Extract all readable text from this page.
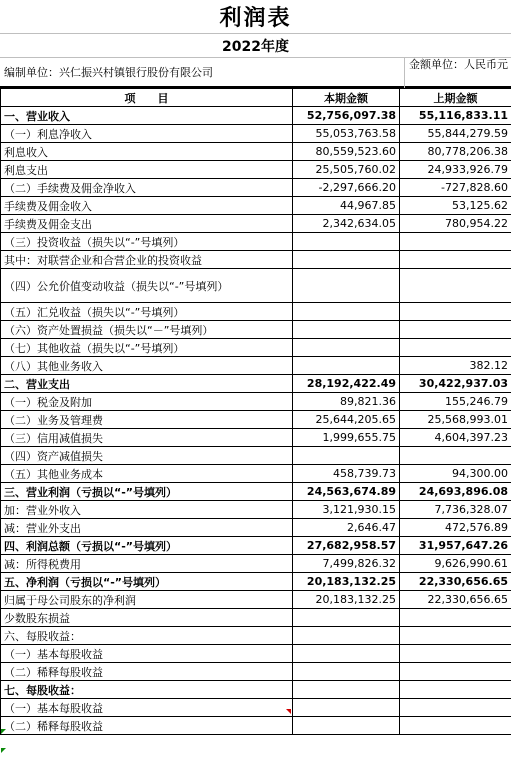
利润表
2022年度
编制单位：兴仁振兴村镇银行股份有限公司
金额单位：人民币元
项　　目	本期金额	上期金额
一、营业收入	52,756,097.38	55,116,833.11
（一）利息净收入	55,053,763.58	55,844,279.59
利息收入	80,559,523.60	80,778,206.38
利息支出	25,505,760.02	24,933,926.79
（二）手续费及佣金净收入	-2,297,666.20	-727,828.60
手续费及佣金收入	44,967.85	53,125.62
手续费及佣金支出	2,342,634.05	780,954.22
（三）投资收益（损失以“-”号填列）		
其中：对联营企业和合营企业的投资收益		
（四）公允价值变动收益（损失以“-”号填列）		
（五）汇兑收益（损失以“-”号填列）		
（六）资产处置损益（损失以“－”号填列）		
（七）其他收益（损失以“-”号填列）		
（八）其他业务收入		382.12
二、营业支出	28,192,422.49	30,422,937.03
（一）税金及附加	89,821.36	155,246.79
（二）业务及管理费	25,644,205.65	25,568,993.01
（三）信用减值损失	1,999,655.75	4,604,397.23
（四）资产减值损失		
（五）其他业务成本	458,739.73	94,300.00
三、营业利润（亏损以“-”号填列）	24,563,674.89	24,693,896.08
加：营业外收入	3,121,930.15	7,736,328.07
减：营业外支出	2,646.47	472,576.89
四、利润总额（亏损以“-”号填列）	27,682,958.57	31,957,647.26
减：所得税费用	7,499,826.32	9,626,990.61
五、净利润（亏损以“-”号填列）	20,183,132.25	22,330,656.65
归属于母公司股东的净利润	20,183,132.25	22,330,656.65
少数股东损益		
六、每股收益：		
（一）基本每股收益		
（二）稀释每股收益		
七、每股收益：		
（一）基本每股收益		
（二）稀释每股收益		
